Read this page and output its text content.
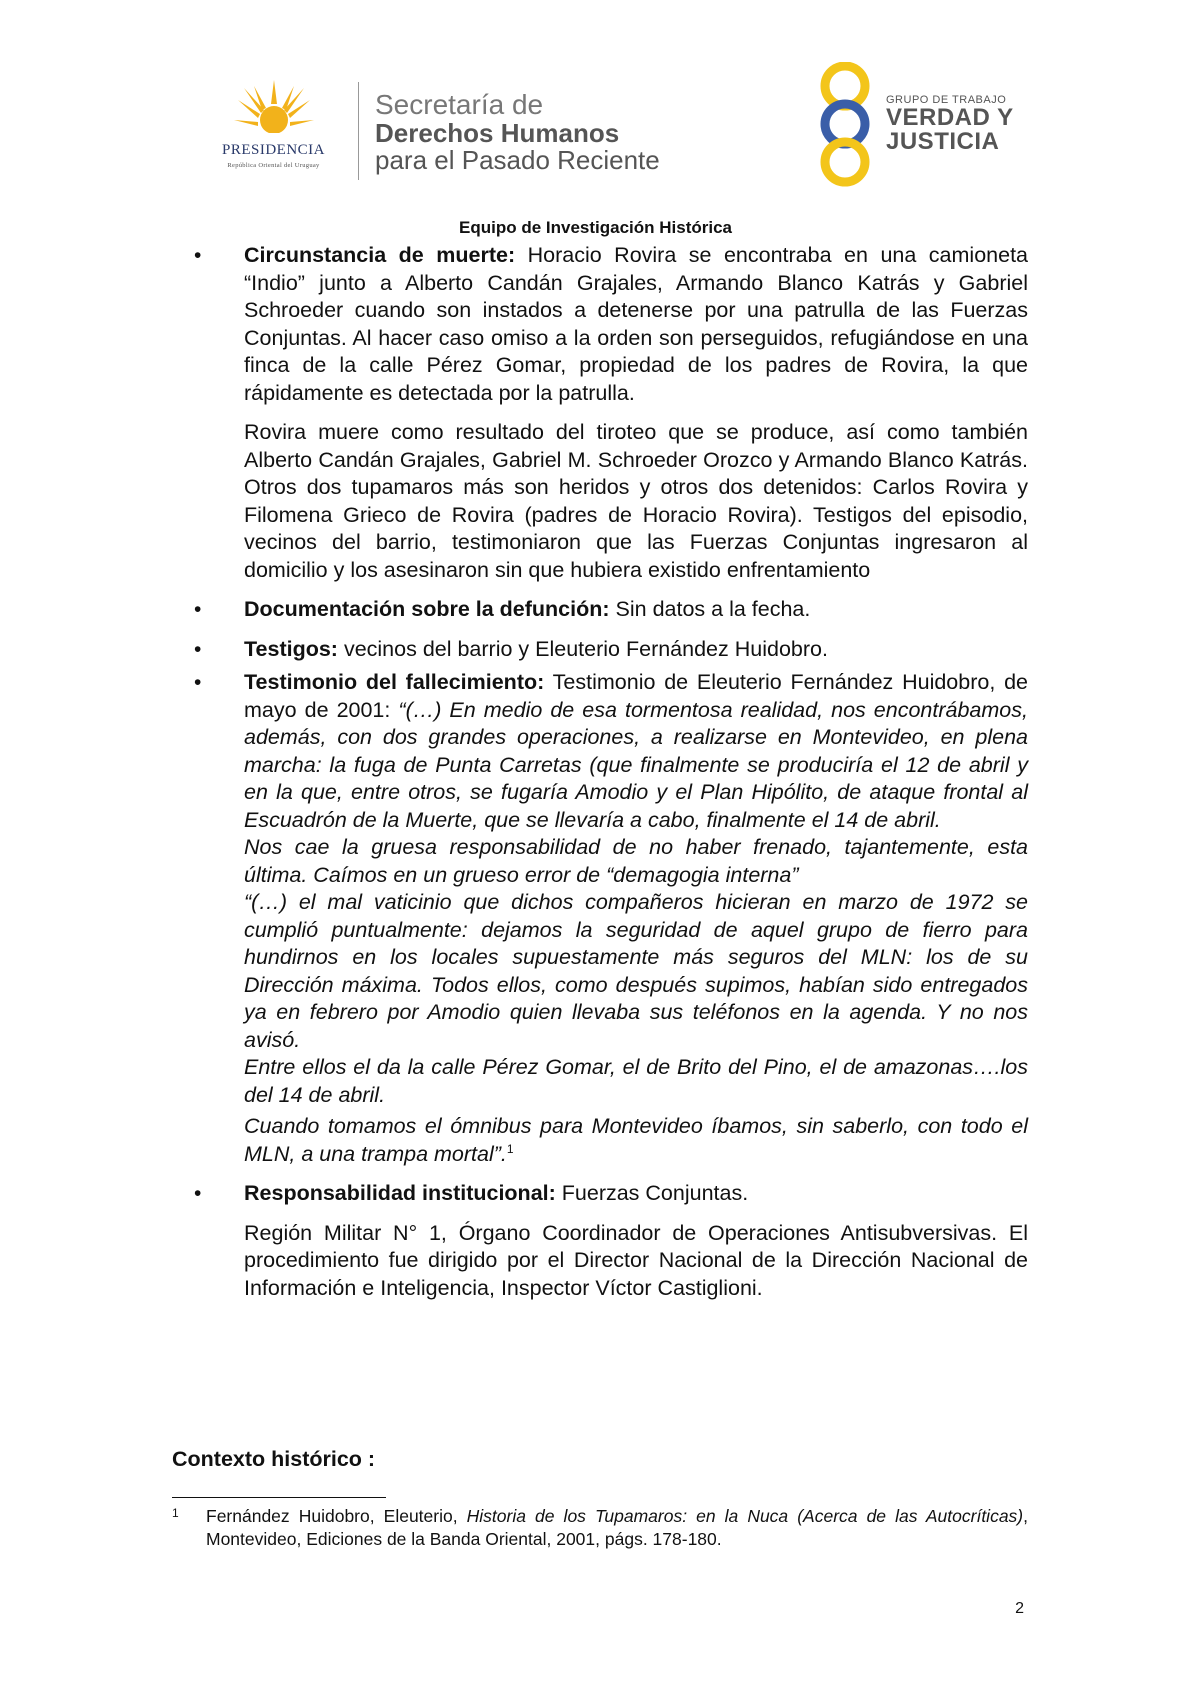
PRESIDENCIA
República Oriental del Uruguay
Secretaría de
Derechos Humanos
para el Pasado Reciente
GRUPO DE TRABAJO
VERDAD Y
JUSTICIA
Equipo de Investigación Histórica
• Circunstancia de muerte: Horacio Rovira se encontraba en una camioneta “Indio” junto a Alberto Candán Grajales, Armando Blanco Katrás y Gabriel Schroeder cuando son instados a detenerse por una patrulla de las Fuerzas Conjuntas. Al hacer caso omiso a la orden son perseguidos, refugiándose en una finca de la calle Pérez Gomar, propiedad de los padres de Rovira, la que rápidamente es detectada por la patrulla.

Rovira muere como resultado del tiroteo que se produce, así como también Alberto Candán Grajales, Gabriel M. Schroeder Orozco y Armando Blanco Katrás. Otros dos tupamaros más son heridos y otros dos detenidos: Carlos Rovira y Filomena Grieco de Rovira (padres de Horacio Rovira). Testigos del episodio, vecinos del barrio, testimoniaron que las Fuerzas Conjuntas ingresaron al domicilio y los asesinaron sin que hubiera existido enfrentamiento

• Documentación sobre la defunción: Sin datos a la fecha.

• Testigos: vecinos del barrio y Eleuterio Fernández Huidobro.

• Testimonio del fallecimiento: Testimonio de Eleuterio Fernández Huidobro, de mayo de 2001: “(…) En medio de esa tormentosa realidad, nos encontrábamos, además, con dos grandes operaciones, a realizarse en Montevideo, en plena marcha: la fuga de Punta Carretas (que finalmente se produciría el 12 de abril y en la que, entre otros, se fugaría Amodio y el Plan Hipólito, de ataque frontal al Escuadrón de la Muerte, que se llevaría a cabo, finalmente el 14 de abril.

Nos cae la gruesa responsabilidad de no haber frenado, tajantemente, esta última. Caímos en un grueso error de “demagogia interna”

“(…) el mal vaticinio que dichos compañeros hicieran en marzo de 1972 se cumplió puntualmente: dejamos la seguridad de aquel grupo de fierro para hundirnos en los locales supuestamente más seguros del MLN: los de su Dirección máxima. Todos ellos, como después supimos, habían sido entregados ya en febrero por Amodio quien llevaba sus teléfonos en la agenda. Y no nos avisó.

Entre ellos el da la calle Pérez Gomar, el de Brito del Pino, el de amazonas….los del 14 de abril.

Cuando tomamos el ómnibus para Montevideo íbamos, sin saberlo, con todo el MLN, a una trampa mortal”.$^1$

• Responsabilidad institucional: Fuerzas Conjuntas.

Región Militar N° 1, Órgano Coordinador de Operaciones Antisubversivas. El procedimiento fue dirigido por el Director Nacional de la Dirección Nacional de Información e Inteligencia, Inspector Víctor Castiglioni.

Contexto histórico :
1 Fernández Huidobro, Eleuterio, Historia de los Tupamaros: en la Nuca (Acerca de las Autocríticas), Montevideo, Ediciones de la Banda Oriental, 2001, págs. 178-180.
2
